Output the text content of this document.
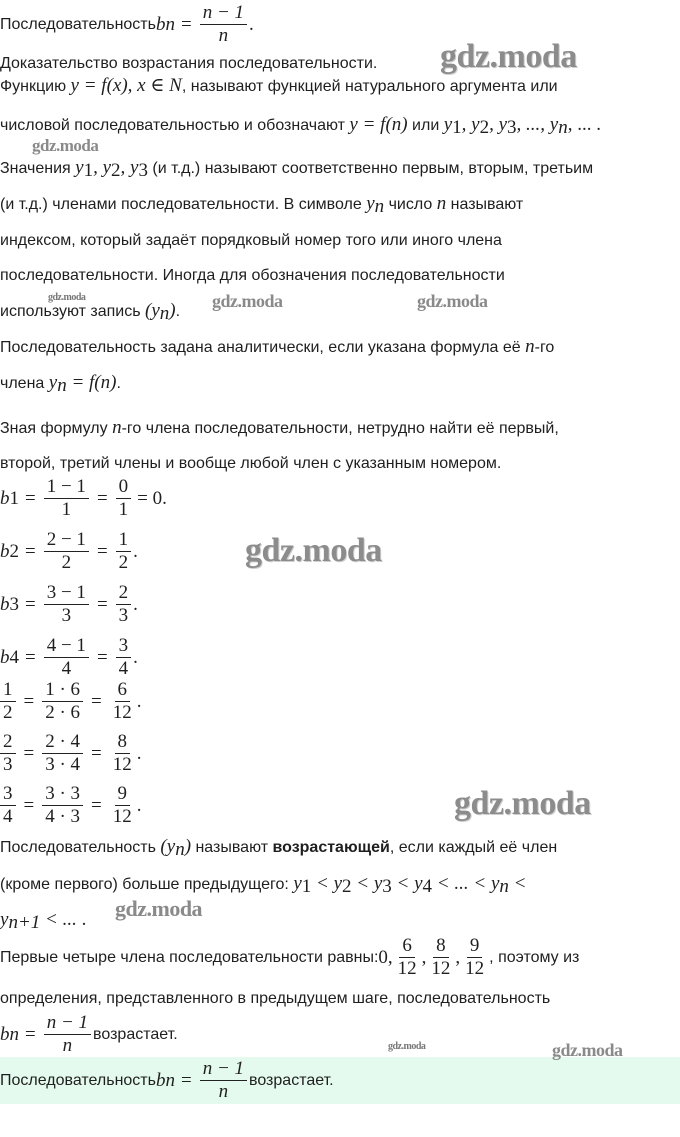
Последовательность b $n = \frac{n - 1}{n}$ .
Доказательство возрастания последовательности.
Функцию y = f(x), x ∈ N, называют функцией натурального аргумента или
числовой последовательностью и обозначают y = f(n) или $y_1$, $y_2$, $y_3$, ..., $y_n$, ... .
Значения $y_1$, $y_2$, $y_3$ (и т.д.) называют соответственно первым, вторым, третьим
(и т.д.) членами последовательности. В символе $y_n$ число n называют
индексом, который задаёт порядковый номер того или иного члена
последовательности. Иногда для обозначения последовательности
используют запись $(y_n)$.
Последовательность задана аналитически, если указана формула её n-го
члена $y_n = f(n)$.
Зная формулу n-го члена последовательности, нетрудно найти её первый,
второй, третий члены и вообще любой член с указанным номером.
b $1 = \frac{1 - 1}{1} = \frac{0}{1} = 0$.
b $2 = \frac{2 - 1}{2} = \frac{1}{2}$ .
b $3 = \frac{3 - 1}{3} = \frac{2}{3}$ .
b $4 = \frac{4 - 1}{4} = \frac{3}{4}$ .
$\frac{1}{2} = \frac{1 \cdot 6}{2 \cdot 6} = \frac{6}{12}$ .
$\frac{2}{3} = \frac{2 \cdot 4}{3 \cdot 4} = \frac{8}{12}$ .
$\frac{3}{4} = \frac{3 \cdot 3}{4 \cdot 3} = \frac{9}{12}$ .
Последовательность $(y_n)$ называют возрастающей, если каждый её член
(кроме первого) больше предыдущего: $y_1 < y_2 < y_3 < y_4$ < ... < $y_n$ <
$y_{n+1}$ < ... .
Первые четыре члена последовательности равны: 0 , $\frac{6}{12}$ , $\frac{8}{12}$ , $\frac{9}{12}$ , поэтому из
определения, представленного в предыдущем шаге, последовательность
b $n = \frac{n - 1}{n}$ возрастает.
Последовательность b $n = \frac{n - 1}{n}$ возрастает.
gdz.moda
gdz.moda
gdz.moda	gdz.moda	gdz.moda
gdz.moda
gdz.moda
gdz.moda
gdz.moda	gdz.moda
